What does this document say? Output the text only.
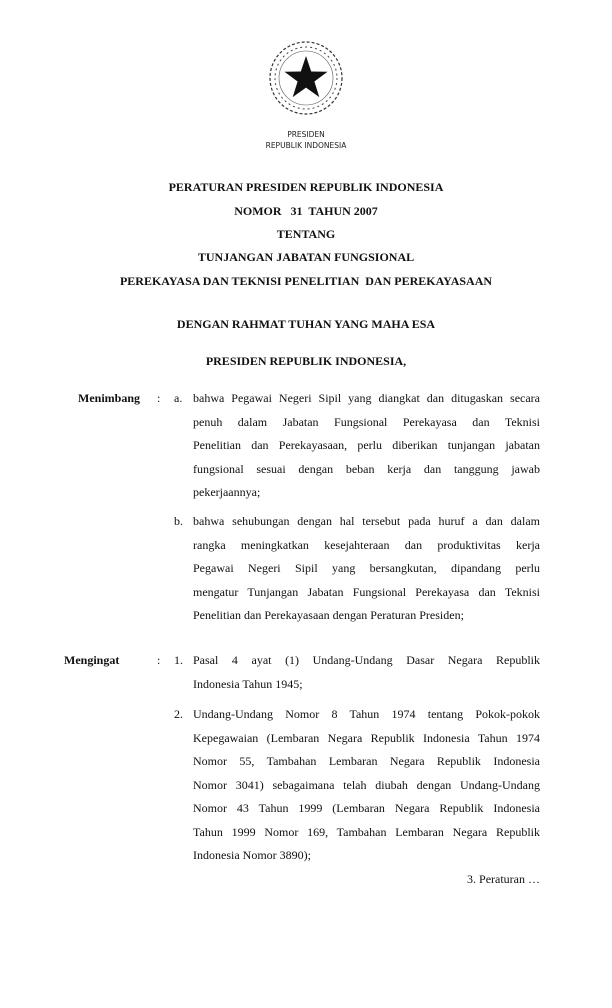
PRESIDEN
REPUBLIK INDONESIA
PERATURAN PRESIDEN REPUBLIK INDONESIA
NOMOR   31  TAHUN 2007
TENTANG
TUNJANGAN JABATAN FUNGSIONAL
PEREKAYASA DAN TEKNISI PENELITIAN  DAN PEREKAYASAAN
DENGAN RAHMAT TUHAN YANG MAHA ESA
PRESIDEN REPUBLIK INDONESIA,
Menimbang : a. bahwa Pegawai Negeri Sipil yang diangkat dan ditugaskan secara
penuh dalam Jabatan Fungsional Perekayasa dan Teknisi
Penelitian dan Perekayasaan, perlu diberikan tunjangan jabatan
fungsional sesuai dengan beban kerja dan tanggung jawab
pekerjaannya;
b. bahwa sehubungan dengan hal tersebut pada huruf a dan dalam
rangka meningkatkan kesejahteraan dan produktivitas kerja
Pegawai Negeri Sipil yang bersangkutan, dipandang perlu
mengatur Tunjangan Jabatan Fungsional Perekayasa dan Teknisi
Penelitian dan Perekayasaan dengan Peraturan Presiden;
Mengingat	: 1. Pasal 4 ayat (1) Undang-Undang Dasar Negara Republik
Indonesia Tahun 1945;
2. Undang-Undang Nomor 8 Tahun 1974 tentang Pokok-pokok
Kepegawaian (Lembaran Negara Republik Indonesia Tahun 1974
Nomor 55, Tambahan Lembaran Negara Republik Indonesia
Nomor 3041) sebagaimana telah diubah dengan Undang-Undang
Nomor 43 Tahun 1999 (Lembaran Negara Republik Indonesia
Tahun 1999 Nomor 169, Tambahan Lembaran Negara Republik
Indonesia Nomor 3890);
3. Peraturan …
